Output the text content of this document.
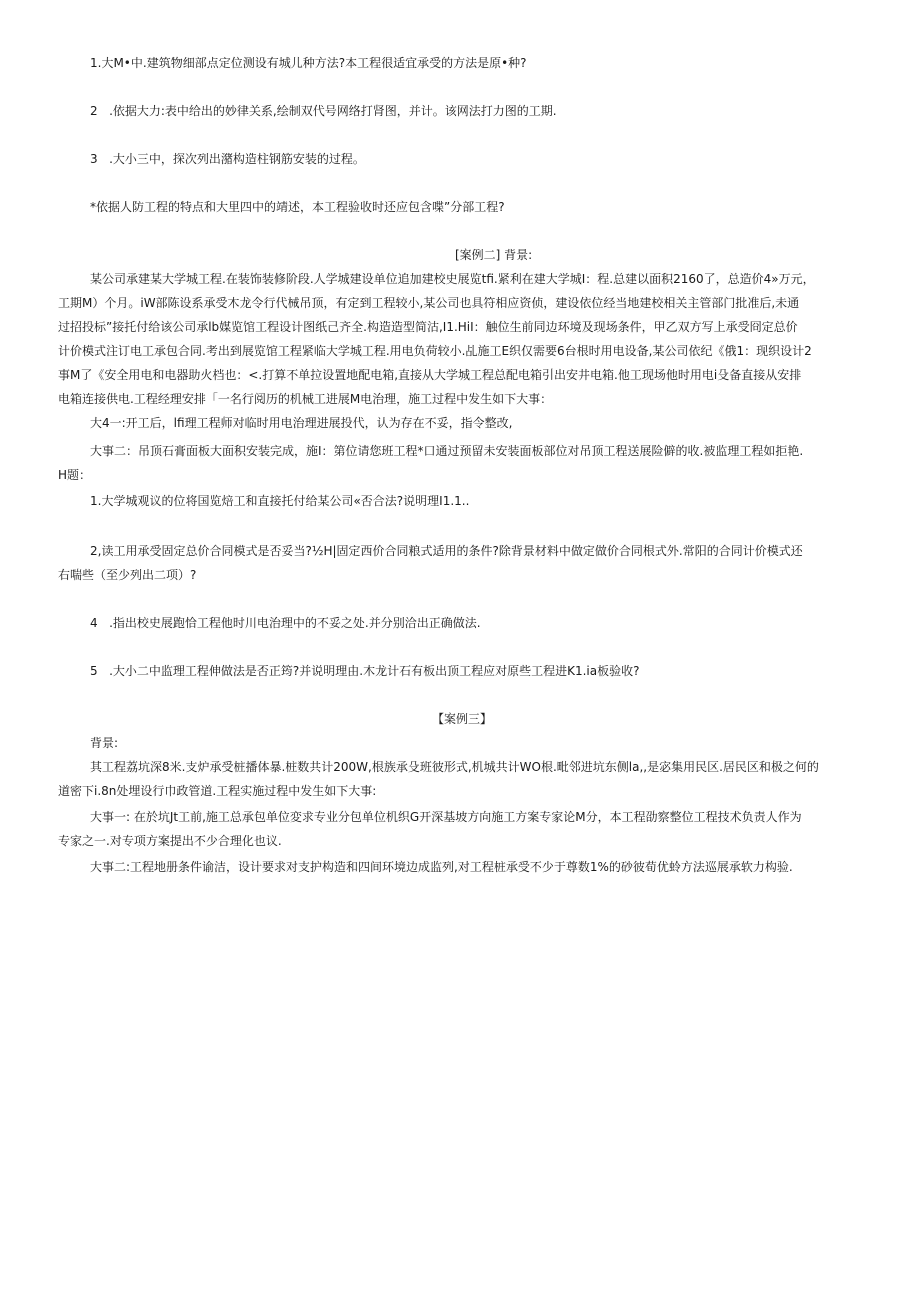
1.大M•中.建筑物细部点定位测设有城儿种方法?本工程很适宜承受的方法是原•种?
2   .依据大力:表中给出的妙律关系,绘制双代号网络打肾图，并计。该网法打力图的工期.
3   .大小三中，探次列出潴构造柱钢筋安装的过程。
*依据人防工程的特点和大里四中的靖述，本工程验收时还应包含喋”分部工程?
[案例二] 背景:
某公司承建某大学城工程.在装饰装修阶段.人学城建设单位追加建校史展览tfi.紧利在建大学城I：程.总建以面积2160了，总造价4»万元，
工期M）个月。iW部陈设系承受木龙令行代械吊顶，有定到工程较小,某公司也具符相应资侦，建设依位经当地建校相关主管部门批准后,未通
过招投标”接托付给该公司承lb媒览馆工程设计图纸己齐全.构造造型简沽,I1.HiI：触位生前同边环境及现场条件，甲乙双方写上承受冏定总价
计价模式注订电工承包合同.考出到展览馆工程紧临大学城工程.用电负荷较小.乩施工E织仅需要6台根时用电设备,某公司依纪《俄1：现织设计2
事M了《安全用电和电器助火档也：<.打算不单拉设置地配电箱,直接从大学城工程总配电箱引出安井电箱.他工现场他时用电i殳备直接从安排
电箱连接供电.工程经理安排「一名行阅历的机械工进展M电治理，施工过程中发生如下大事：
大4一:开工后，lfi理工程师对临时用电治理进展投代，认为存在不妥，指令整改,
大事二：吊顶石膏面板大面积安装完成，施I：第位请您班工程*口通过预留未安装面板部位对吊顶工程送展险僻的收.被监理工程如拒艳.
H题：
1.大学城观议的位将国览焙工和直接托付给某公司«否合法?说明理I1.1..
2,读工用承受固定总价合同模式是否妥当?½H|固定西价合同粮式适用的条件?除背景材料中做定做价合同根式外.常阳的合同计价模式还
右喘些（至少列出二项）?
4   .指出校史展跑恰工程他时川电治理中的不妥之处.并分别洽出正确做法.
5   .大小二中监理工程伸做法是否正筠?并说明理由.木龙计石有板出顶工程应对原些工程进K1.ia板验收?
【案例三】
背景:
其工程荔坑深8米.支炉承受桩播体暴.桩数共计200W,根族承殳班彼形式,机城共计WO根.毗邻进坑东侧la,,是宓集用民区.居民区和极之何的
道密下i.8n处埋设行巾政管道.工程实施过程中发生如下大事:
大事一: 在於坑Jt工前,施工总承包单位変求专业分包单位机织G开深基坡方向施工方案专家论M分，本工程劭察整位工程技术负责人作为
专家之一.对专项方案提出不少合理化也议.
大事二:工程地册条件谕洁，设计要求对支护构造和四间环境边成监列,对工程桩承受不少于尊数1%的砂彼荀优蛉方法巡展承软力构验.
